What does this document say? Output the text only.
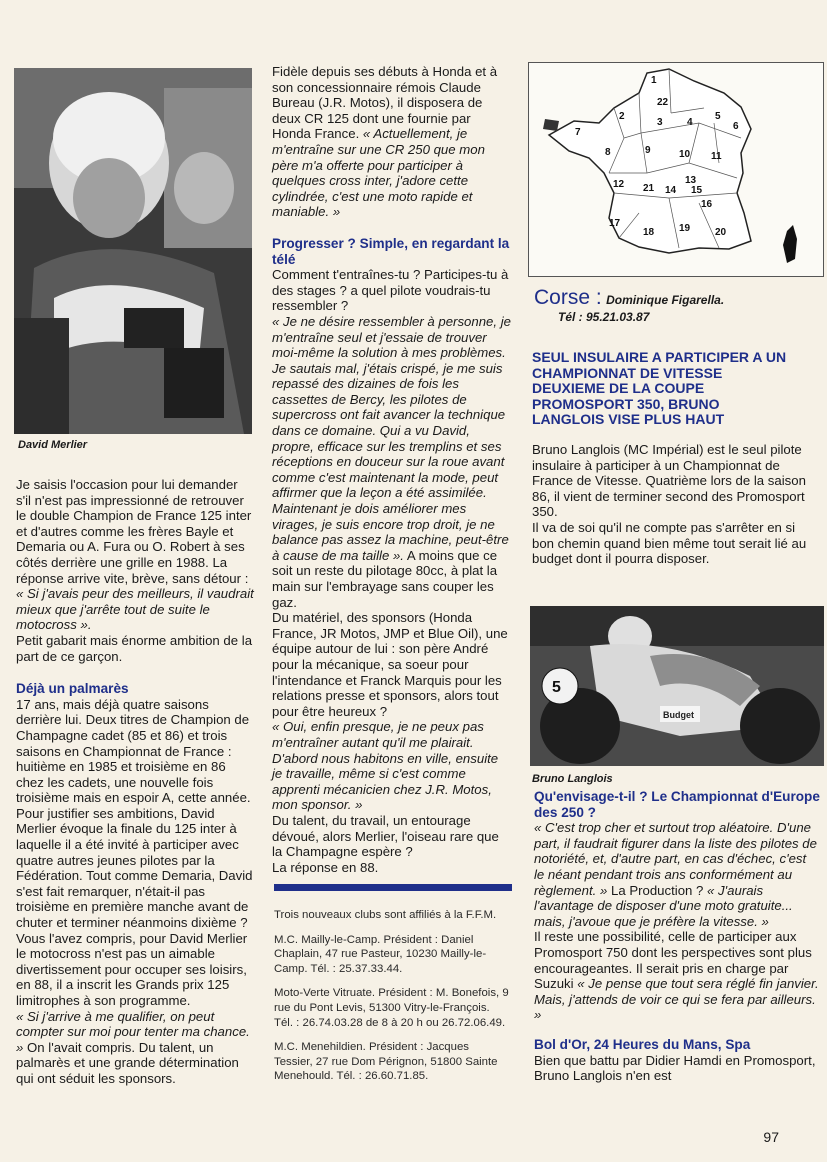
David Merlier

Je saisis l'occasion pour lui demander s'il n'est pas impressionné de retrouver le double Champion de France 125 inter et d'autres comme les frères Bayle et Demaria ou A. Fura ou O. Robert à ses côtés derrière une grille en 1988. La réponse arrive vite, brève, sans détour : « Si j'avais peur des meilleurs, il vaudrait mieux que j'arrête tout de suite le motocross ».

Petit gabarit mais énorme ambition de la part de ce garçon.

Déjà un palmarès

17 ans, mais déjà quatre saisons derrière lui. Deux titres de Champion de Champagne cadet (85 et 86) et trois saisons en Championnat de France : huitième en 1985 et troisième en 86 chez les cadets, une nouvelle fois troisième mais en espoir A, cette année.

Pour justifier ses ambitions, David Merlier évoque la finale du 125 inter à laquelle il a été invité à participer avec quatre autres jeunes pilotes par la Fédération. Tout comme Demaria, David s'est fait remarquer, n'était-il pas troisième en première manche avant de chuter et terminer néanmoins dixième ? Vous l'avez compris, pour David Merlier le motocross n'est pas un aimable divertissement pour occuper ses loisirs, en 88, il a inscrit les Grands prix 125 limitrophes à son programme.

« Si j'arrive à me qualifier, on peut compter sur moi pour tenter ma chance. » On l'avait compris. Du talent, un palmarès et une grande détermination qui ont séduit les sponsors.

Fidèle depuis ses débuts à Honda et à son concessionnaire rémois Claude Bureau (J.R. Motos), il disposera de deux CR 125 dont une fournie par Honda France. « Actuellement, je m'entraîne sur une CR 250 que mon père m'a offerte pour participer à quelques cross inter, j'adore cette cylindrée, c'est une moto rapide et maniable. »

Progresser ? Simple, en regardant la télé

Comment t'entraînes-tu ? Participes-tu à des stages ? a quel pilote voudrais-tu ressembler ?

« Je ne désire ressembler à personne, je m'entraîne seul et j'essaie de trouver moi-même la solution à mes problèmes. Je sautais mal, j'étais crispé, je me suis repassé des dizaines de fois les cassettes de Bercy, les pilotes de supercross ont fait avancer la technique dans ce domaine. Qui a vu David, propre, efficace sur les tremplins et ses réceptions en douceur sur la roue avant comme c'est maintenant la mode, peut affirmer que la leçon a été assimilée. Maintenant je dois améliorer mes virages, je suis encore trop droit, je ne balance pas assez la machine, peut-être à cause de ma taille ». A moins que ce soit un reste du pilotage 80cc, à plat la main sur l'embrayage sans couper les gaz.

Du matériel, des sponsors (Honda France, JR Motos, JMP et Blue Oil), une équipe autour de lui : son père André pour la mécanique, sa soeur pour l'intendance et Franck Marquis pour les relations presse et sponsors, alors tout pour être heureux ?

« Oui, enfin presque, je ne peux pas m'entraîner autant qu'il me plairait. D'abord nous habitons en ville, ensuite je travaille, même si c'est comme apprenti mécanicien chez J.R. Motos, mon sponsor. »

Du talent, du travail, un entourage dévoué, alors Merlier, l'oiseau rare que la Champagne espère ?

La réponse en 88.

Trois nouveaux clubs sont affiliés à la F.F.M.

M.C. Mailly-le-Camp. Président : Daniel Chaplain, 47 rue Pasteur, 10230 Mailly-le-Camp. Tél. : 25.37.33.44.

Moto-Verte Vitruate. Président : M. Bonefois, 9 rue du Pont Levis, 51300 Vitry-le-François. Tél. : 26.74.03.28 de 8 à 20 h ou 26.72.06.49.

M.C. Menehildien. Président : Jacques Tessier, 27 rue Dom Pérignon, 51800 Sainte Menehould. Tél. : 26.60.71.85.

1
22
2
3 4
5
6
7
8	9	10 11
12 21 14
13
15
16
17
18 19 20
Corse : Dominique Figarella.
Tél : 95.21.03.87
SEUL INSULAIRE A PARTICIPER A UN CHAMPIONNAT DE VITESSE DEUXIEME DE LA COUPE PROMOSPORT 350, BRUNO LANGLOIS VISE PLUS HAUT

Bruno Langlois (MC Impérial) est le seul pilote insulaire à participer à un Championnat de France de Vitesse. Quatrième lors de la saison 86, il vient de terminer second des Promosport 350.

Il va de soi qu'il ne compte pas s'arrêter en si bon chemin quand bien même tout serait lié au budget dont il pourra disposer.

5
Budget
Bruno Langlois

Qu'envisage-t-il ? Le Championnat d'Europe des 250 ?

« C'est trop cher et surtout trop aléatoire. D'une part, il faudrait figurer dans la liste des pilotes de notoriété, et, d'autre part, en cas d'échec, c'est le néant pendant trois ans conformément au règlement. » La Production ? « J'aurais l'avantage de disposer d'une moto gratuite... mais, j'avoue que je préfère la vitesse. »

Il reste une possibilité, celle de participer aux Promosport 750 dont les perspectives sont plus encourageantes. Il serait pris en charge par Suzuki « Je pense que tout sera réglé fin janvier. Mais, j'attends de voir ce qui se fera par ailleurs. »

Bol d'Or, 24 Heures du Mans, Spa

Bien que battu par Didier Hamdi en Promosport, Bruno Langlois n'en est

97
